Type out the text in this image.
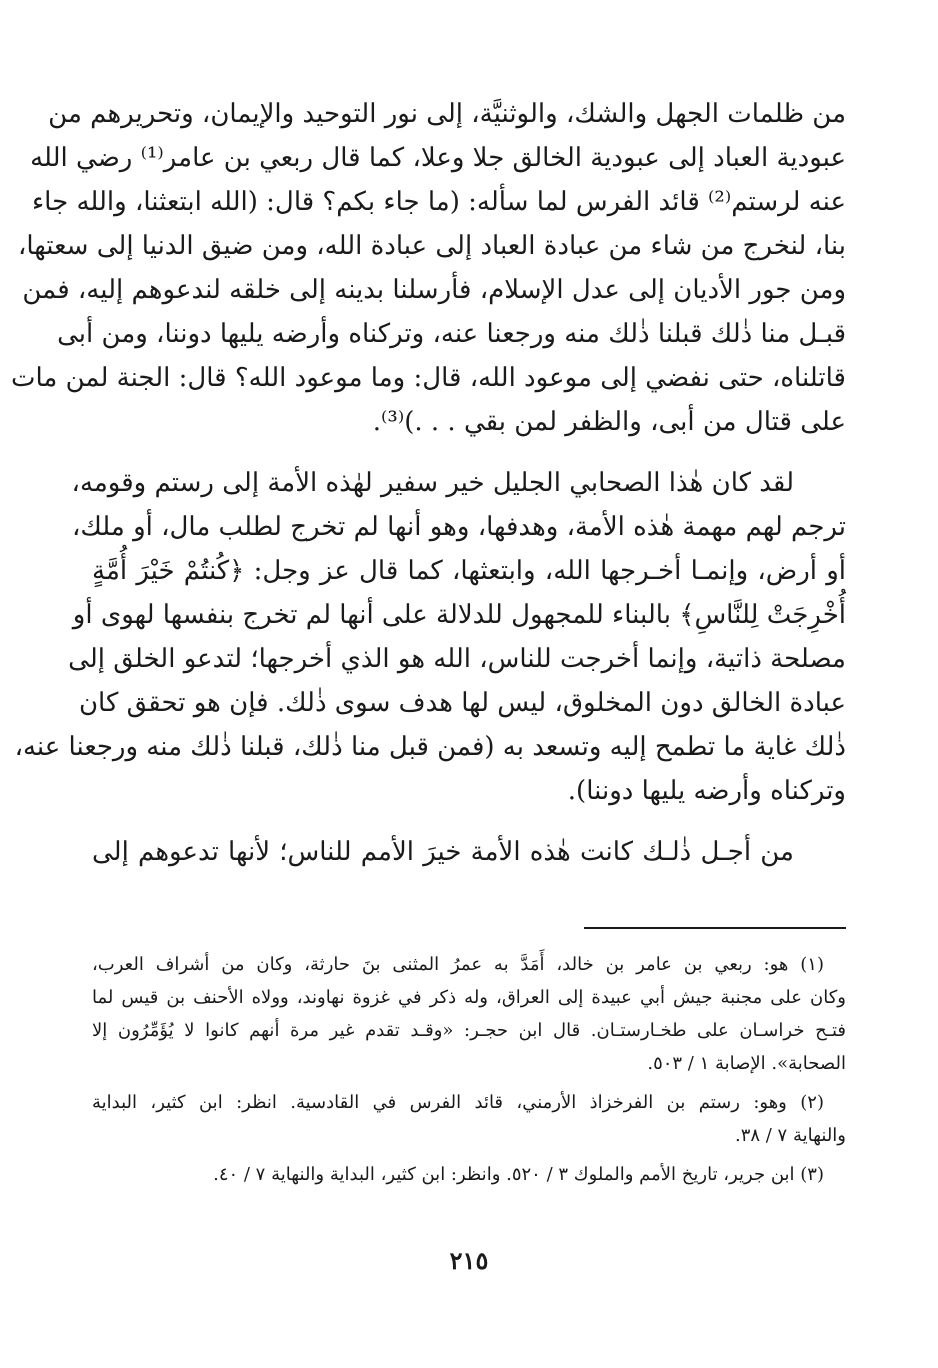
من ظلمات الجهل والشك، والوثنيَّة، إلى نور التوحيد والإيمان، وتحريرهم من
عبودية العباد إلى عبودية الخالق جلا وعلا، كما قال ربعي بن عامر⁽¹⁾ رضي الله
عنه لرستم⁽²⁾ قائد الفرس لما سأله: (ما جاء بكم؟ قال: (الله ابتعثنا، والله جاء
بنا، لنخرج من شاء من عبادة العباد إلى عبادة الله، ومن ضيق الدنيا إلى سعتها،
ومن جور الأديان إلى عدل الإسلام، فأرسلنا بدينه إلى خلقه لندعوهم إليه، فمن
قبـل منا ذٰلك قبلنا ذٰلك منه ورجعنا عنه، وتركناه وأرضه يليها دوننا، ومن أبى
قاتلناه، حتى نفضي إلى موعود الله، قال: وما موعود الله؟ قال: الجنة لمن مات
على قتال من أبى، والظفر لمن بقي . . .)⁽³⁾.
لقد كان هٰذا الصحابي الجليل خير سفير لهٰذه الأمة إلى رستم وقومه،
ترجم لهم مهمة هٰذه الأمة، وهدفها، وهو أنها لم تخرج لطلب مال، أو ملك،
أو أرض، وإنمـا أخـرجها الله، وابتعثها، كما قال عز وجل: ﴿كُنتُمْ خَيْرَ أُمَّةٍ
أُخْرِجَتْ لِلنَّاسِ﴾ بالبناء للمجهول للدلالة على أنها لم تخرج بنفسها لهوى أو
مصلحة ذاتية، وإنما أخرجت للناس، الله هو الذي أخرجها؛ لتدعو الخلق إلى
عبادة الخالق دون المخلوق، ليس لها هدف سوى ذٰلك. فإن هو تحقق كان
ذٰلك غاية ما تطمح إليه وتسعد به (فمن قبل منا ذٰلك، قبلنا ذٰلك منه ورجعنا عنه،
وتركناه وأرضه يليها دوننا).
من أجـل ذٰلـك كانت هٰذه الأمة خيرَ الأمم للناس؛ لأنها تدعوهم إلى
(١) هو: ربعي بن عامر بن خالد، أَمَدَّ به عمرُ المثنى بنَ حارثة، وكان من أشراف العرب،
وكان على مجنبة جيش أبي عبيدة إلى العراق، وله ذكر في غزوة نهاوند، وولاه الأحنف بن قيس لما
فتـح خراسـان على طخـارستـان. قال ابن حجـر: «وقـد تقدم غير مرة أنهم كانوا لا يُؤَمِّرُون إلا
الصحابة». الإصابة ١ / ٥٠٣.
(٢) وهو: رستم بن الفرخزاذ الأرمني، قائد الفرس في القادسية. انظر: ابن كثير، البداية
والنهاية ٧ / ٣٨.
(٣) ابن جرير، تاريخ الأمم والملوك ٣ / ٥٢٠. وانظر: ابن كثير، البداية والنهاية ٧ / ٤٠.
٢١٥
